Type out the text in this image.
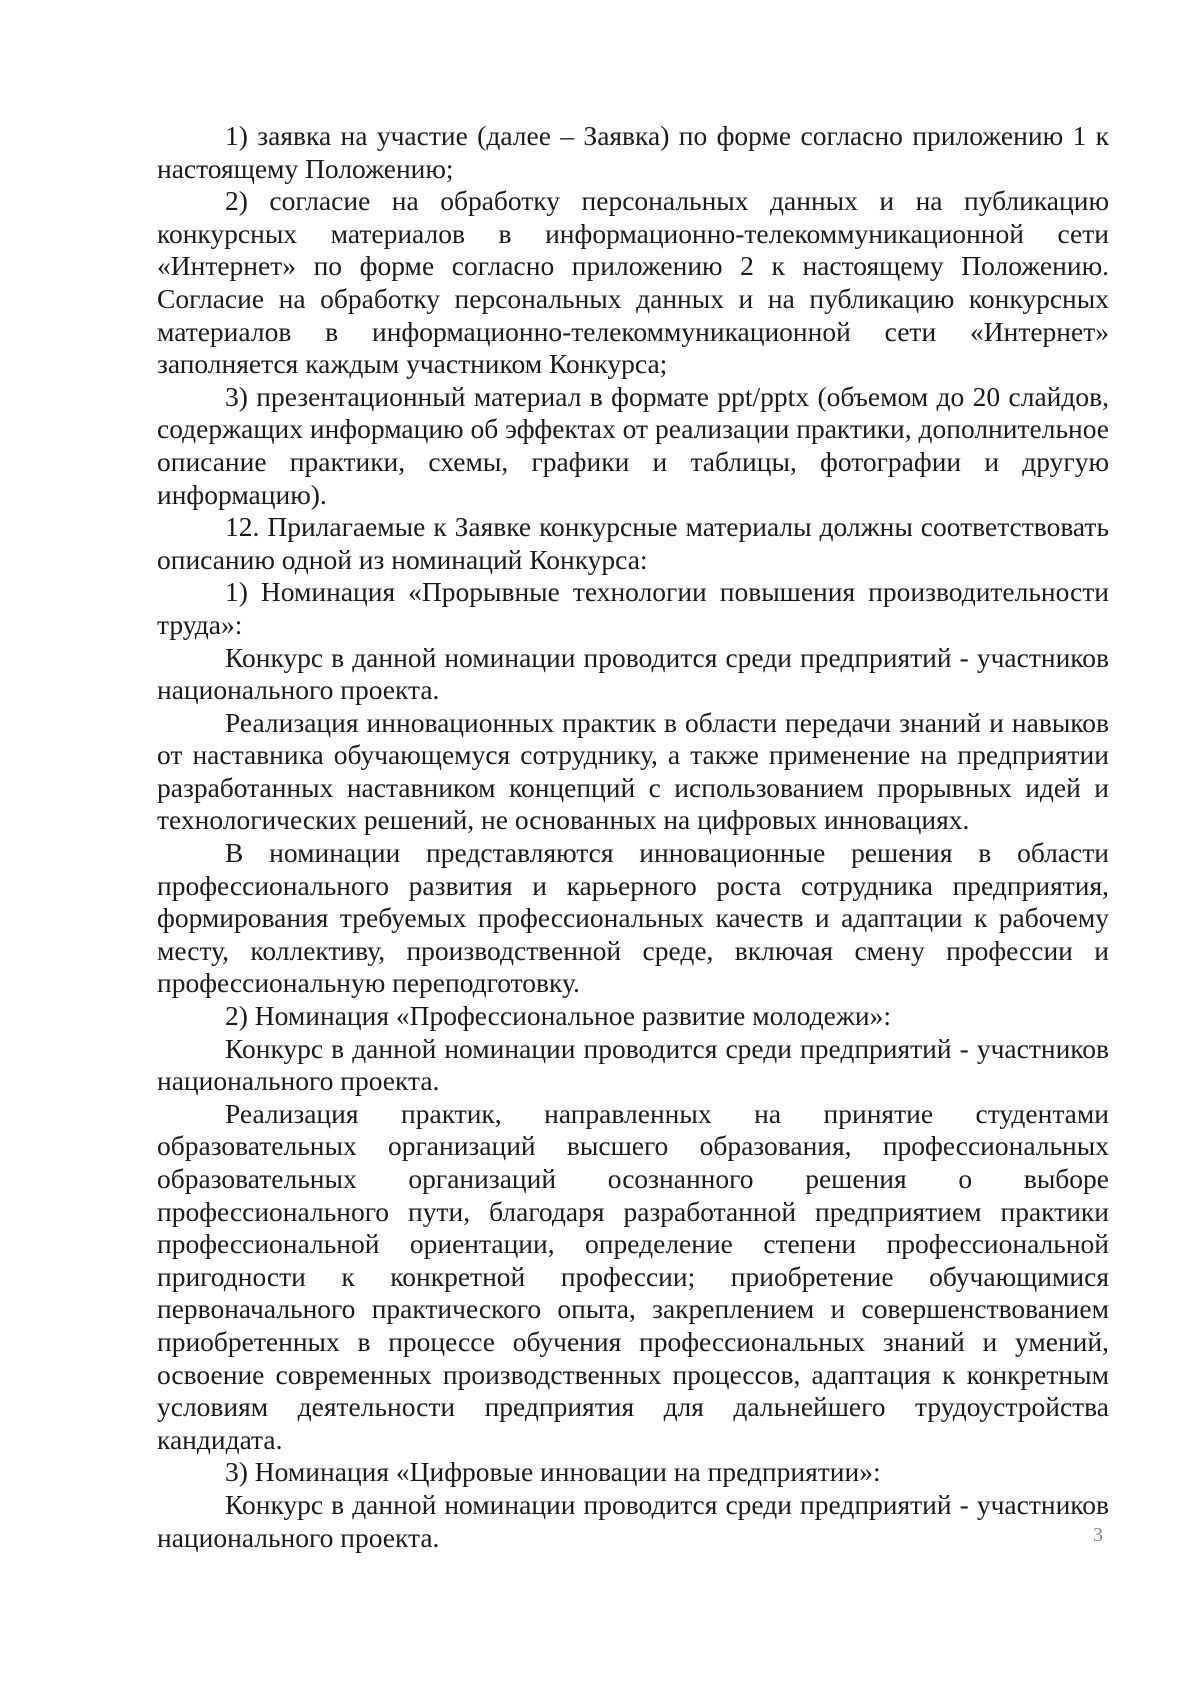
1) заявка на участие (далее – Заявка) по форме согласно приложению 1 к настоящему Положению;

2) согласие на обработку персональных данных и на публикацию конкурсных материалов в информационно-телекоммуникационной сети «Интернет» по форме согласно приложению 2 к настоящему Положению. Согласие на обработку персональных данных и на публикацию конкурсных материалов в информационно-телекоммуникационной сети «Интернет» заполняется каждым участником Конкурса;

3) презентационный материал в формате ppt/pptx (объемом до 20 слайдов, содержащих информацию об эффектах от реализации практики, дополнительное описание практики, схемы, графики и таблицы, фотографии и другую информацию).

12. Прилагаемые к Заявке конкурсные материалы должны соответствовать описанию одной из номинаций Конкурса:

1) Номинация «Прорывные технологии повышения производительности труда»:

Конкурс в данной номинации проводится среди предприятий - участников национального проекта.

Реализация инновационных практик в области передачи знаний и навыков от наставника обучающемуся сотруднику, а также применение на предприятии разработанных наставником концепций с использованием прорывных идей и технологических решений, не основанных на цифровых инновациях.

В номинации представляются инновационные решения в области профессионального развития и карьерного роста сотрудника предприятия, формирования требуемых профессиональных качеств и адаптации к рабочему месту, коллективу, производственной среде, включая смену профессии и профессиональную переподготовку.

2) Номинация «Профессиональное развитие молодежи»:

Конкурс в данной номинации проводится среди предприятий - участников национального проекта.

Реализация практик, направленных на принятие студентами образовательных организаций высшего образования, профессиональных образовательных организаций осознанного решения о выборе профессионального пути, благодаря разработанной предприятием практики профессиональной ориентации, определение степени профессиональной пригодности к конкретной профессии; приобретение обучающимися первоначального практического опыта, закреплением и совершенствованием приобретенных в процессе обучения профессиональных знаний и умений, освоение современных производственных процессов, адаптация к конкретным условиям деятельности предприятия для дальнейшего трудоустройства кандидата.

3) Номинация «Цифровые инновации на предприятии»:

Конкурс в данной номинации проводится среди предприятий - участников национального проекта.	3
